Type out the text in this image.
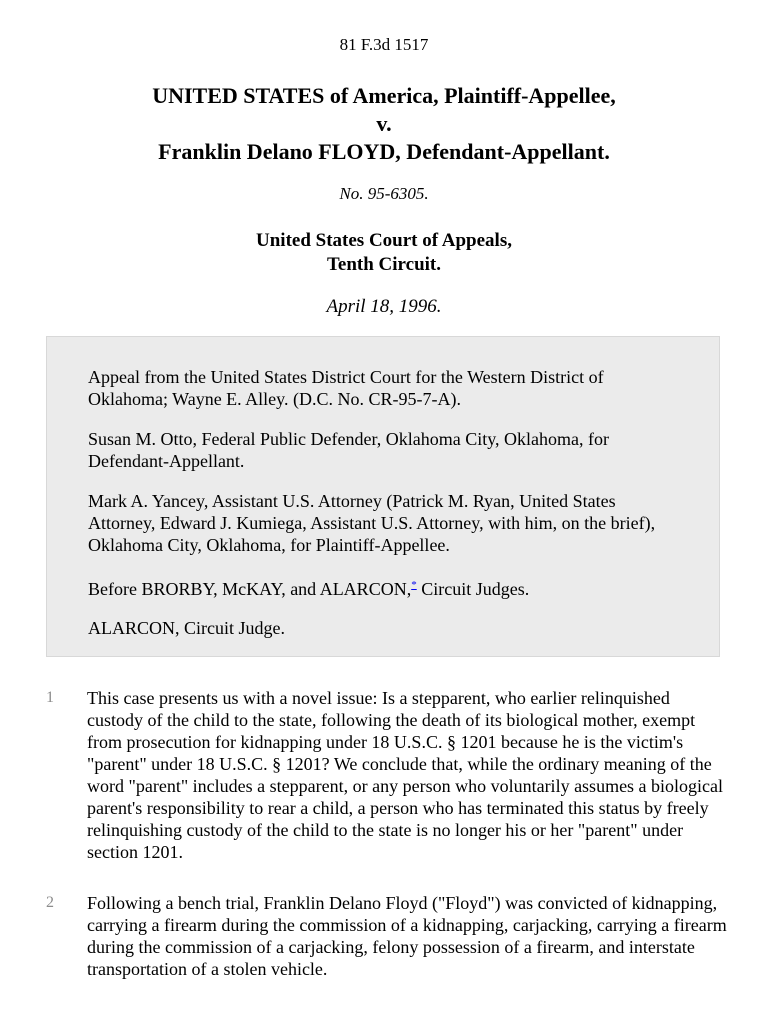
81 F.3d 1517
UNITED STATES of America, Plaintiff-Appellee,
v.
Franklin Delano FLOYD, Defendant-Appellant.
No. 95-6305.
United States Court of Appeals,
Tenth Circuit.
April 18, 1996.

Appeal from the United States District Court for the Western District of Oklahoma; Wayne E. Alley. (D.C. No. CR-95-7-A).

Susan M. Otto, Federal Public Defender, Oklahoma City, Oklahoma, for Defendant-Appellant.

Mark A. Yancey, Assistant U.S. Attorney (Patrick M. Ryan, United States Attorney, Edward J. Kumiega, Assistant U.S. Attorney, with him, on the brief), Oklahoma City, Oklahoma, for Plaintiff-Appellee.

Before BRORBY, McKAY, and ALARCON,* Circuit Judges.

ALARCON, Circuit Judge.

1	This case presents us with a novel issue: Is a stepparent, who earlier relinquished custody of the child to the state, following the death of its biological mother, exempt from prosecution for kidnapping under 18 U.S.C. § 1201 because he is the victim's "parent" under 18 U.S.C. § 1201? We conclude that, while the ordinary meaning of the word "parent" includes a stepparent, or any person who voluntarily assumes a biological parent's responsibility to rear a child, a person who has terminated this status by freely relinquishing custody of the child to the state is no longer his or her "parent" under section 1201.
2	Following a bench trial, Franklin Delano Floyd ("Floyd") was convicted of kidnapping, carrying a firearm during the commission of a kidnapping, carjacking, carrying a firearm during the commission of a carjacking, felony possession of a firearm, and interstate transportation of a stolen vehicle.
